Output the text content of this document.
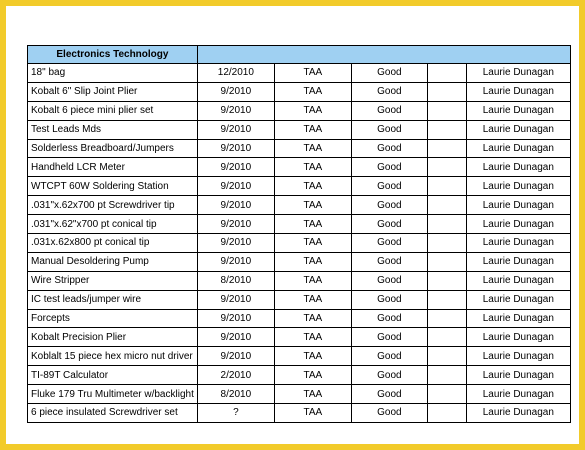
Electronics Technology					
18" bag	12/2010	TAA	Good		Laurie Dunagan
Kobalt 6" Slip Joint Plier	9/2010	TAA	Good		Laurie Dunagan
Kobalt 6 piece mini plier set	9/2010	TAA	Good		Laurie Dunagan
Test Leads Mds	9/2010	TAA	Good		Laurie Dunagan
Solderless Breadboard/Jumpers	9/2010	TAA	Good		Laurie Dunagan
Handheld LCR Meter	9/2010	TAA	Good		Laurie Dunagan
WTCPT 60W Soldering Station	9/2010	TAA	Good		Laurie Dunagan
.031"x.62x700 pt Screwdriver tip	9/2010	TAA	Good		Laurie Dunagan
.031"x.62"x700 pt conical tip	9/2010	TAA	Good		Laurie Dunagan
.031x.62x800 pt conical tip	9/2010	TAA	Good		Laurie Dunagan
Manual Desoldering Pump	9/2010	TAA	Good		Laurie Dunagan
Wire Stripper	8/2010	TAA	Good		Laurie Dunagan
IC test leads/jumper wire	9/2010	TAA	Good		Laurie Dunagan
Forcepts	9/2010	TAA	Good		Laurie Dunagan
Kobalt Precision Plier	9/2010	TAA	Good		Laurie Dunagan
Koblalt 15 piece hex micro nut driver	9/2010	TAA	Good		Laurie Dunagan
TI-89T Calculator	2/2010	TAA	Good		Laurie Dunagan
Fluke 179 Tru Multimeter w/backlight	8/2010	TAA	Good		Laurie Dunagan
6 piece insulated Screwdriver set	?	TAA	Good		Laurie Dunagan
